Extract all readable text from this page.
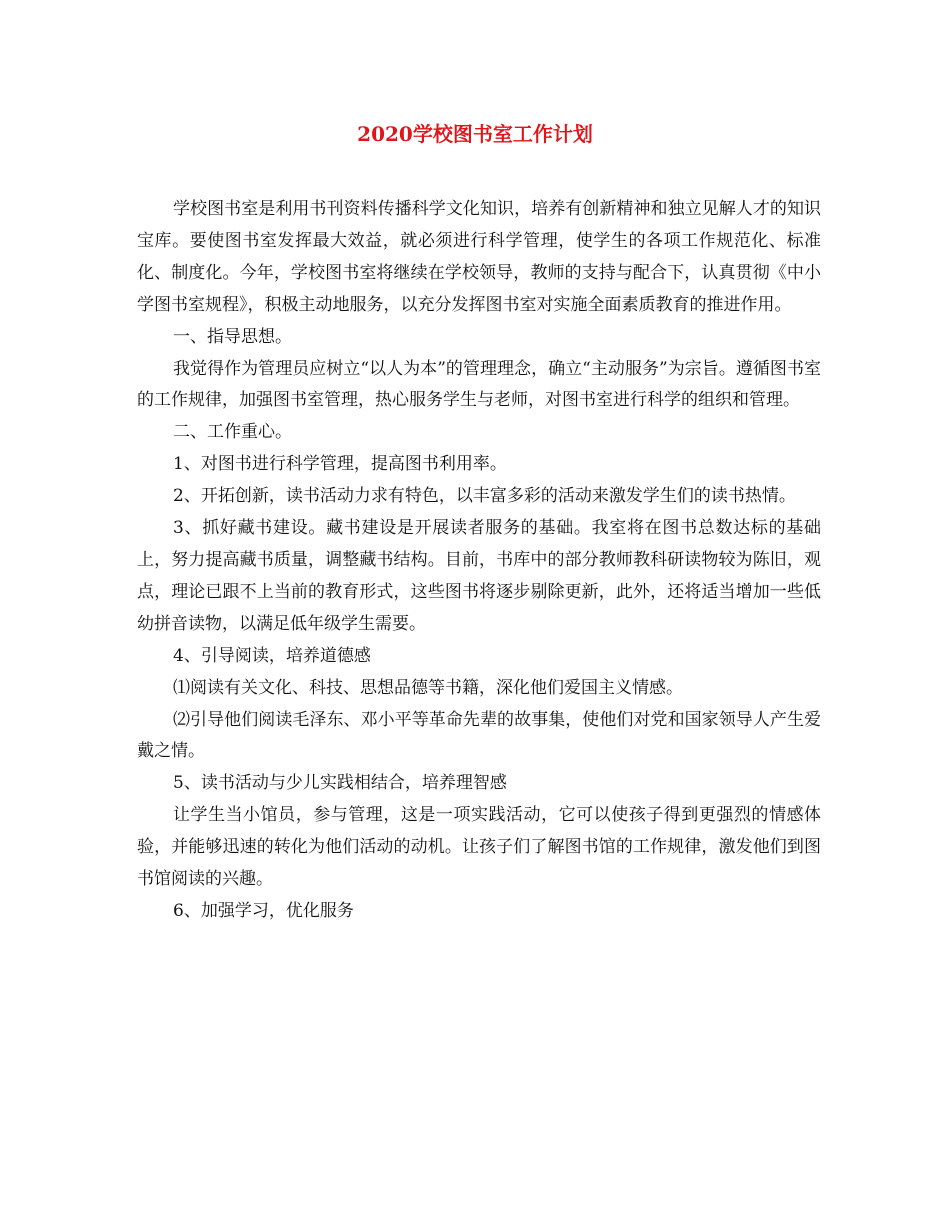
2020学校图书室工作计划

学校图书室是利用书刊资料传播科学文化知识，培养有创新精神和独立见解人才的知识宝库。要使图书室发挥最大效益，就必须进行科学管理，使学生的各项工作规范化、标准化、制度化。今年，学校图书室将继续在学校领导，教师的支持与配合下，认真贯彻《中小学图书室规程》，积极主动地服务，以充分发挥图书室对实施全面素质教育的推进作用。

一、指导思想。

我觉得作为管理员应树立“以人为本”的管理理念，确立“主动服务”为宗旨。遵循图书室的工作规律，加强图书室管理，热心服务学生与老师，对图书室进行科学的组织和管理。

二、工作重心。

1、对图书进行科学管理，提高图书利用率。

2、开拓创新，读书活动力求有特色，以丰富多彩的活动来激发学生们的读书热情。

3、抓好藏书建设。藏书建设是开展读者服务的基础。我室将在图书总数达标的基础上，努力提高藏书质量，调整藏书结构。目前，书库中的部分教师教科研读物较为陈旧，观点，理论已跟不上当前的教育形式，这些图书将逐步剔除更新，此外，还将适当增加一些低幼拼音读物，以满足低年级学生需要。

4、引导阅读，培养道德感

⑴阅读有关文化、科技、思想品德等书籍，深化他们爱国主义情感。

⑵引导他们阅读毛泽东、邓小平等革命先辈的故事集，使他们对党和国家领导人产生爱戴之情。

5、读书活动与少儿实践相结合，培养理智感

让学生当小馆员，参与管理，这是一项实践活动，它可以使孩子得到更强烈的情感体验，并能够迅速的转化为他们活动的动机。让孩子们了解图书馆的工作规律，激发他们到图书馆阅读的兴趣。

6、加强学习，优化服务
